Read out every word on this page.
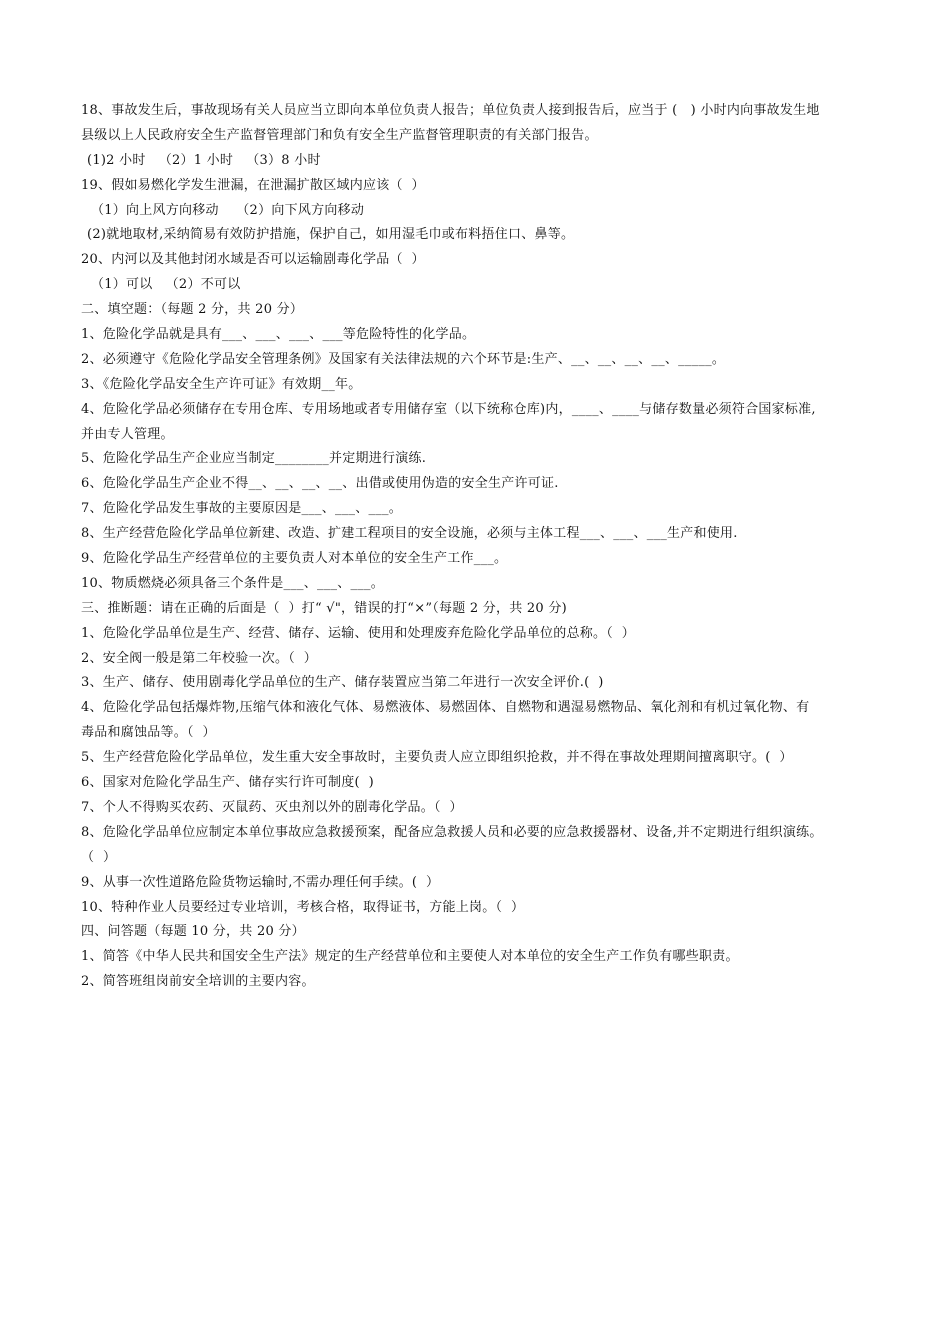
18、事故发生后，事故现场有关人员应当立即向本单位负责人报告；单位负责人接到报告后，应当于 (   ) 小时内向事故发生地
县级以上人民政府安全生产监督管理部门和负有安全生产监督管理职责的有关部门报告。
(1)2 小时   （2）1 小时   （3）8 小时
19、假如易燃化学发生泄漏，在泄漏扩散区域内应该（  ）
（1）向上风方向移动    （2）向下风方向移动
(2)就地取材,采纳简易有效防护措施，保护自己，如用湿毛巾或布料捂住口、鼻等。
20、内河以及其他封闭水域是否可以运输剧毒化学品（  ）
（1）可以   （2）不可以
二、填空题：（每题 2 分，共 20 分）
1、危险化学品就是具有___、___、___、___等危险特性的化学品。
2、必须遵守《危险化学品安全管理条例》及国家有关法律法规的六个环节是:生产、__、__、__、__、_____。
3、《危险化学品安全生产许可证》有效期__年。
4、危险化学品必须储存在专用仓库、专用场地或者专用储存室（以下统称仓库)内，____、____与储存数量必须符合国家标准,
并由专人管理。
5、危险化学品生产企业应当制定________并定期进行演练.
6、危险化学品生产企业不得__、__、__、__、出借或使用伪造的安全生产许可证.
7、危险化学品发生事故的主要原因是___、___、___。
8、生产经营危险化学品单位新建、改造、扩建工程项目的安全设施，必须与主体工程___、___、___生产和使用.
9、危险化学品生产经营单位的主要负责人对本单位的安全生产工作___。
10、物质燃烧必须具备三个条件是___、___、___。
三、推断题：请在正确的后面是（  ）打“ √"，错误的打“×”（每题 2 分，共 20 分)
1、危险化学品单位是生产、经营、储存、运输、使用和处理废弃危险化学品单位的总称。（  ）
2、安全阀一般是第二年校验一次。（  ）
3、生产、储存、使用剧毒化学品单位的生产、储存装置应当第二年进行一次安全评价.(  )
4、危险化学品包括爆炸物,压缩气体和液化气体、易燃液体、易燃固体、自燃物和遇湿易燃物品、氧化剂和有机过氧化物、有
毒品和腐蚀品等。（  ）
5、生产经营危险化学品单位，发生重大安全事故时，主要负责人应立即组织抢救，并不得在事故处理期间擅离职守。(  ）
6、国家对危险化学品生产、储存实行许可制度(  )
7、个人不得购买农药、灭鼠药、灭虫剂以外的剧毒化学品。（  ）
8、危险化学品单位应制定本单位事故应急救援预案，配备应急救援人员和必要的应急救援器材、设备,并不定期进行组织演练。
（  ）
9、从事一次性道路危险货物运输时,不需办理任何手续。(  ）
10、特种作业人员要经过专业培训，考核合格，取得证书，方能上岗。（  ）
四、问答题（每题 10 分，共 20 分）
1、简答《中华人民共和国安全生产法》规定的生产经营单位和主要使人对本单位的安全生产工作负有哪些职责。
2、简答班组岗前安全培训的主要内容。
